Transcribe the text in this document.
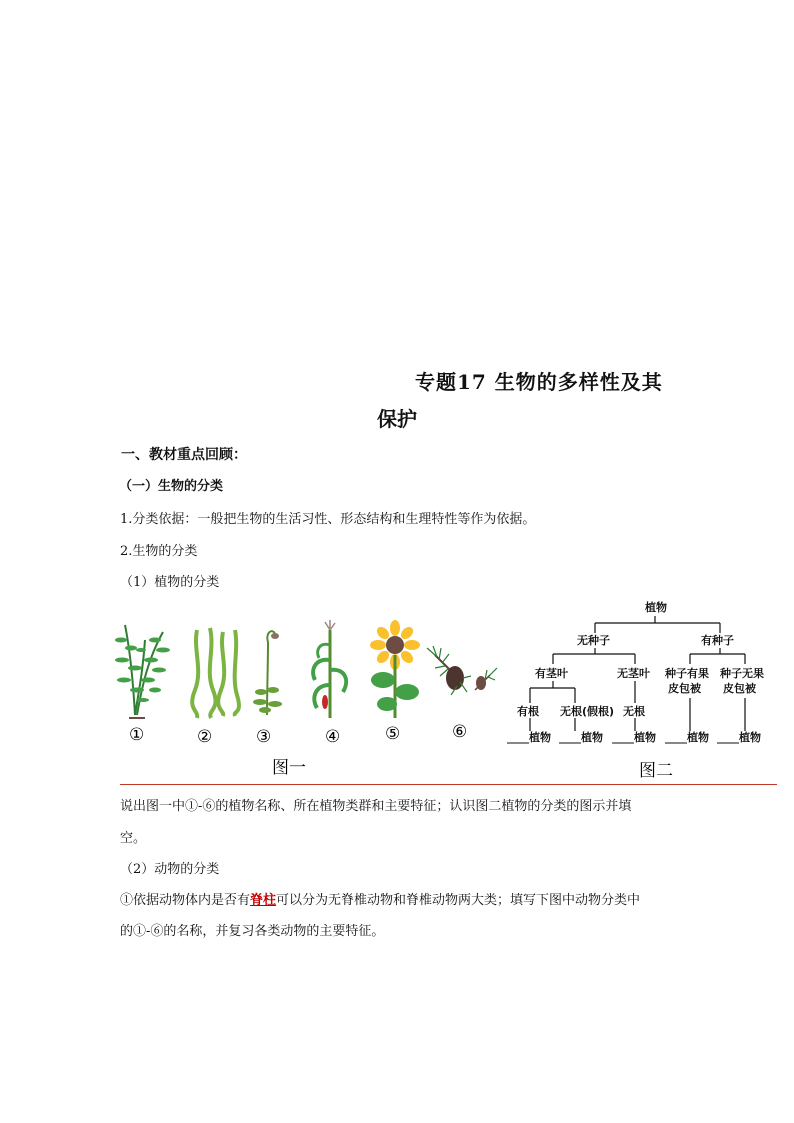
专题17 生物的多样性及其
保护
一、教材重点回顾：
（一）生物的分类
1.分类依据：一般把生物的生活习性、形态结构和生理特性等作为依据。
2.生物的分类
（1）植物的分类
①	②	③	④	⑤	⑥
图一
植物
无种子	有种子
有茎叶	无茎叶 种子有果
皮包被
种子无果
皮包被
有根 无根(假根) 无根
____植物 ____植物 ____植物 ____植物 ____植物
图二
说出图一中①-⑥的植物名称、所在植物类群和主要特征；认识图二植物的分类的图示并填
空。
（2）动物的分类
①依据动物体内是否有脊柱可以分为无脊椎动物和脊椎动物两大类；填写下图中动物分类中
的①-⑥的名称，并复习各类动物的主要特征。
